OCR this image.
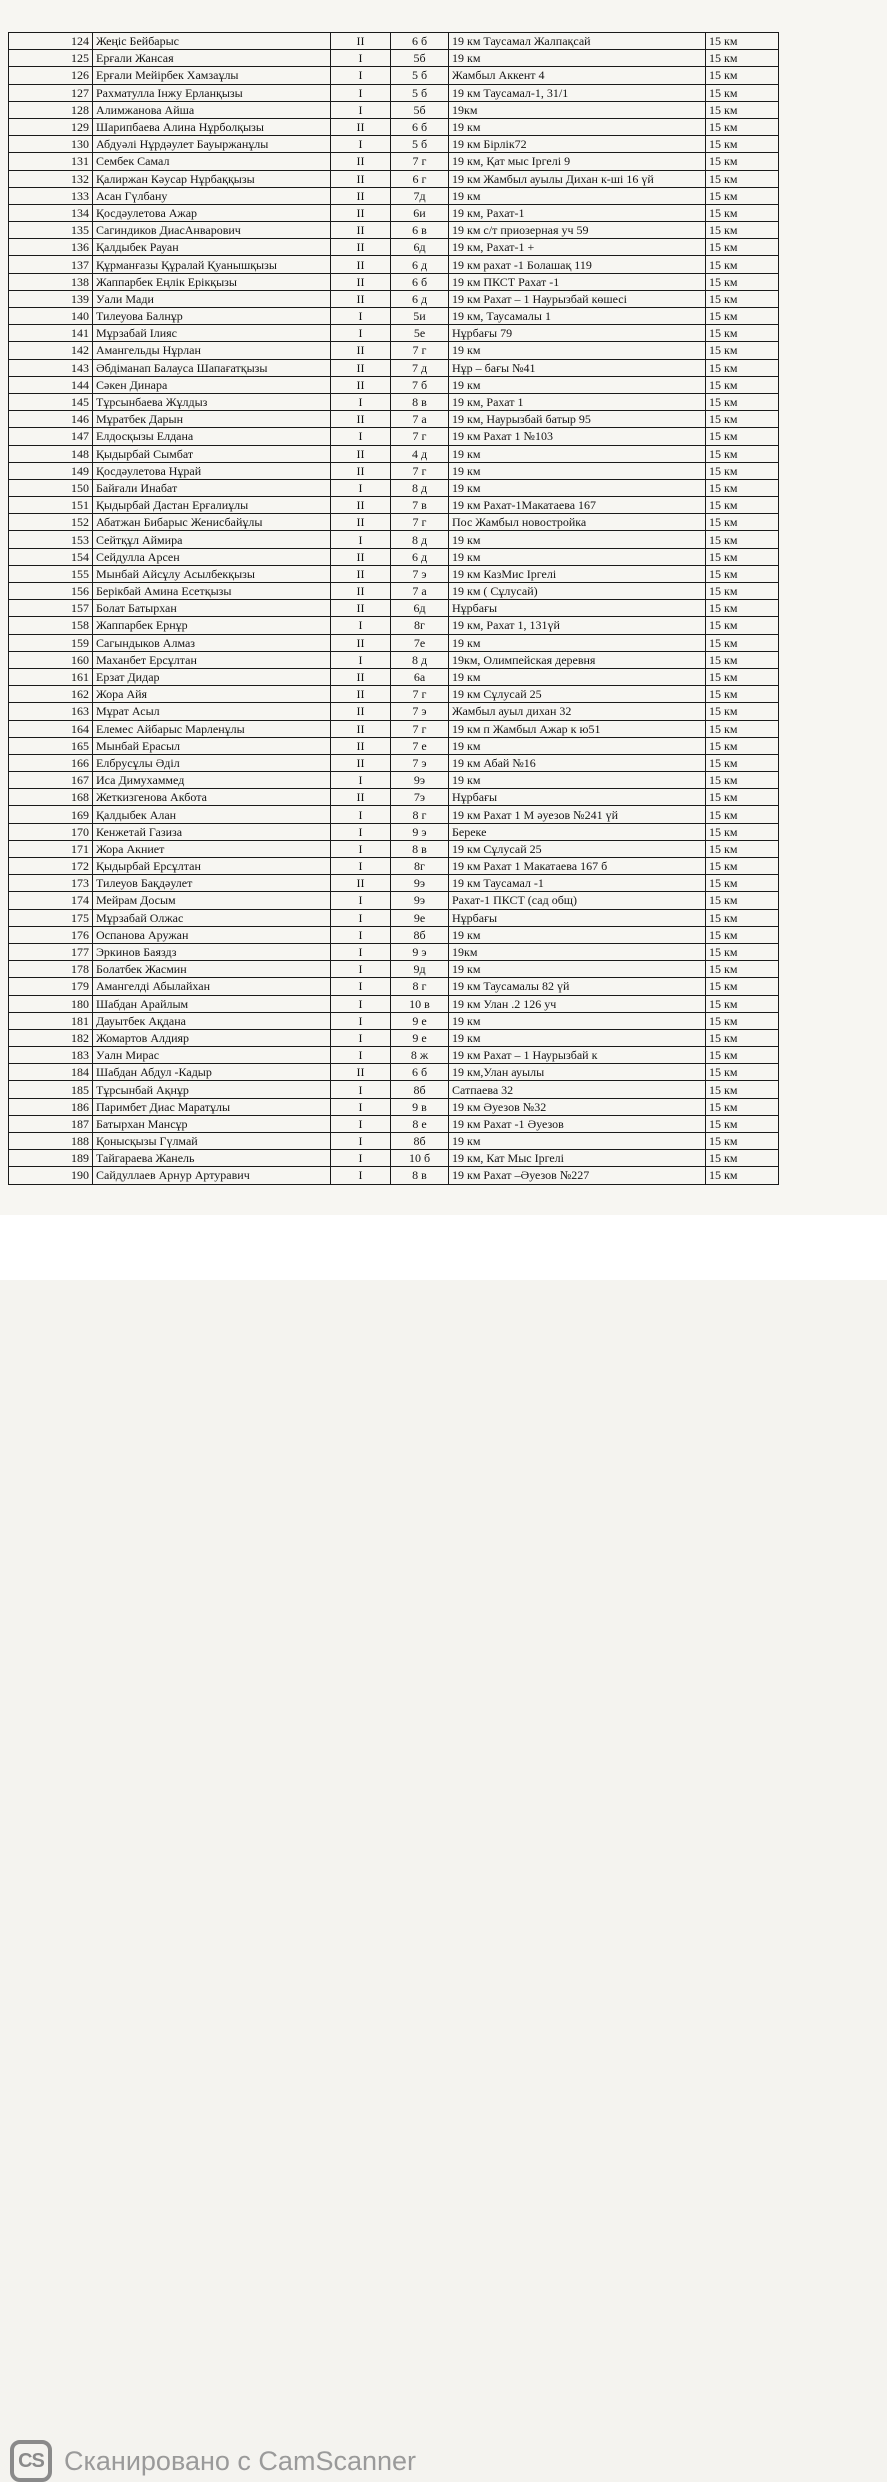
124	Жеңіс Бейбарыс	II	6 б	19 км Таусамал Жалпақсай	15 км
125	Ерғали Жансая	I	5б	19 км	15 км
126	Ерғали Мейірбек Хамзаұлы	I	5 б	Жамбыл Аккент 4	15 км
127	Рахматулла Інжу Ерланқызы	I	5 б	19 км Таусамал-1, 31/1	15 км
128	Алимжанова Айша	I	5б	19км	15 км
129	Шарипбаева Алина Нұрболқызы	II	6 б	19 км	15 км
130	Абдуәлі Нұрдәулет Бауыржанұлы	I	5 б	19 км Бірлік72	15 км
131	Сембек Самал	II	7 г	19 км, Қат мыс Іргелі 9	15 км
132	Қалиржан Кәусар Нұрбаққызы	II	6 г	19 км Жамбыл ауылы Дихан к-ші 16 үй	15 км
133	Асан Гүлбану	II	7д	19 км	15 км
134	Қосдәулетова Ажар	II	6и	19 км, Рахат-1	15 км
135	Сагиндиков ДиасАнварович	II	6 в	19 км с/т приозерная уч 59	15 км
136	Қалдыбек Рауан	II	6д	19 км, Рахат-1 +	15 км
137	Құрманғазы Құралай Қуанышқызы	II	6 д	19 км рахат -1 Болашақ 119	15 км
138	Жаппарбек Еңлік Ерікқызы	II	6 б	19 км ПКСТ Рахат -1	15 км
139	Уали Мади	II	6 д	19 км Рахат – 1 Наурызбай көшесі	15 км
140	Тилеуова Балнұр	I	5и	19 км, Таусамалы 1	15 км
141	Мұрзабай Ілияс	I	5е	Нұрбағы 79	15 км
142	Амангельды Нұрлан	II	7 г	19 км	15 км
143	Әбдіманап Балауса Шапағатқызы	II	7 д	Нұр – бағы №41	15 км
144	Сәкен Динара	II	7 б	19 км	15 км
145	Тұрсынбаева Жұлдыз	I	8 в	19 км, Рахат 1	15 км
146	Мұратбек Дарын	II	7 а	19 км, Наурызбай батыр 95	15 км
147	Елдосқызы Елдана	I	7 г	19 км Рахат 1 №103	15 км
148	Қыдырбай Сымбат	II	4 д	19 км	15 км
149	Қосдәулетова Нұрай	II	7 г	19 км	15 км
150	Байғали Инабат	I	8 д	19 км	15 км
151	Қыдырбай Дастан Ерғалиұлы	II	7 в	19 км Рахат-1Макатаева 167	15 км
152	Абатжан Бибарыс Женисбайұлы	II	7 г	Пос Жамбыл новостройка	15 км
153	Сейтқұл Аймира	I	8 д	19 км	15 км
154	Сейдулла Арсен	II	6 д	19 км	15 км
155	Мынбай Айсұлу Асылбекқызы	II	7 э	19 км КазМис Іргелі	15 км
156	Берікбай Амина Есетқызы	II	7 а	19 км ( Сұлусай)	15 км
157	Болат Батырхан	II	6д	Нұрбағы	15 км
158	Жаппарбек Ернұр	I	8г	19 км, Рахат 1, 131үй	15 км
159	Сагындыков Алмаз	II	7е	19 км	15 км
160	Маханбет Ерсұлтан	I	8 д	19км, Олимпейская деревня	15 км
161	Ерзат Дидар	II	6а	19 км	15 км
162	Жора Айя	II	7 г	19 км Сұлусай 25	15 км
163	Мұрат Асыл	II	7 э	Жамбыл ауыл дихан 32	15 км
164	Елемес Айбарыс Марленұлы	II	7 г	19 км п Жамбыл Ажар к ю51	15 км
165	Мынбай Ерасыл	II	7 е	19 км	15 км
166	Елбрусұлы Әділ	II	7 э	19 км Абай №16	15 км
167	Иса Димухаммед	I	9э	19 км	15 км
168	Жеткизгенова Акбота	II	7э	Нұрбағы	15 км
169	Қалдыбек Алан	I	8 г	19 км Рахат 1 М әуезов №241 үй	15 км
170	Кенжетай Газиза	I	9 э	Береке	15 км
171	Жора Акниет	I	8 в	19 км Сұлусай 25	15 км
172	Қыдырбай Ерсұлтан	I	8г	19 км Рахат 1 Макатаева 167 б	15 км
173	Тилеуов Бақдәулет	II	9э	19 км Таусамал -1	15 км
174	Мейрам Досым	I	9э	Рахат-1 ПКСТ (сад общ)	15 км
175	Мұрзабай Олжас	I	9е	Нұрбағы	15 км
176	Оспанова Аружан	I	8б	19 км	15 км
177	Эркинов Баяздз	I	9 э	19км	15 км
178	Болатбек Жасмин	I	9д	19 км	15 км
179	Амангелді Абылайхан	I	8 г	19 км Таусамалы 82 үй	15 км
180	Шабдан Арайлым	I	10 в	19 км Улан .2 126 уч	15 км
181	Дауытбек Ақдана	I	9 е	19 км	15 км
182	Жомартов Алдияр	I	9 е	19 км	15 км
183	Уалн Мирас	I	8 ж	19 км Рахат – 1 Наурызбай к	15 км
184	Шабдан Абдул -Кадыр	II	6 б	19 км,Улан ауылы	15 км
185	Тұрсынбай Ақнұр	I	8б	Сатпаева 32	15 км
186	Паримбет Диас Маратұлы	I	9 в	19 км Әуезов №32	15 км
187	Батырхан Мансұр	I	8 е	19 км Рахат -1 Әуезов	15 км
188	Қонысқызы Гүлмай	I	8б	19 км	15 км
189	Тайгараева Жанель	I	10 б	19 км, Кат Мыс Іргелі	15 км
190	Сайдуллаев Арнур Артуравич	I	8 в	19 км Рахат –Әуезов №227	15 км
CS Сканировано с CamScanner
